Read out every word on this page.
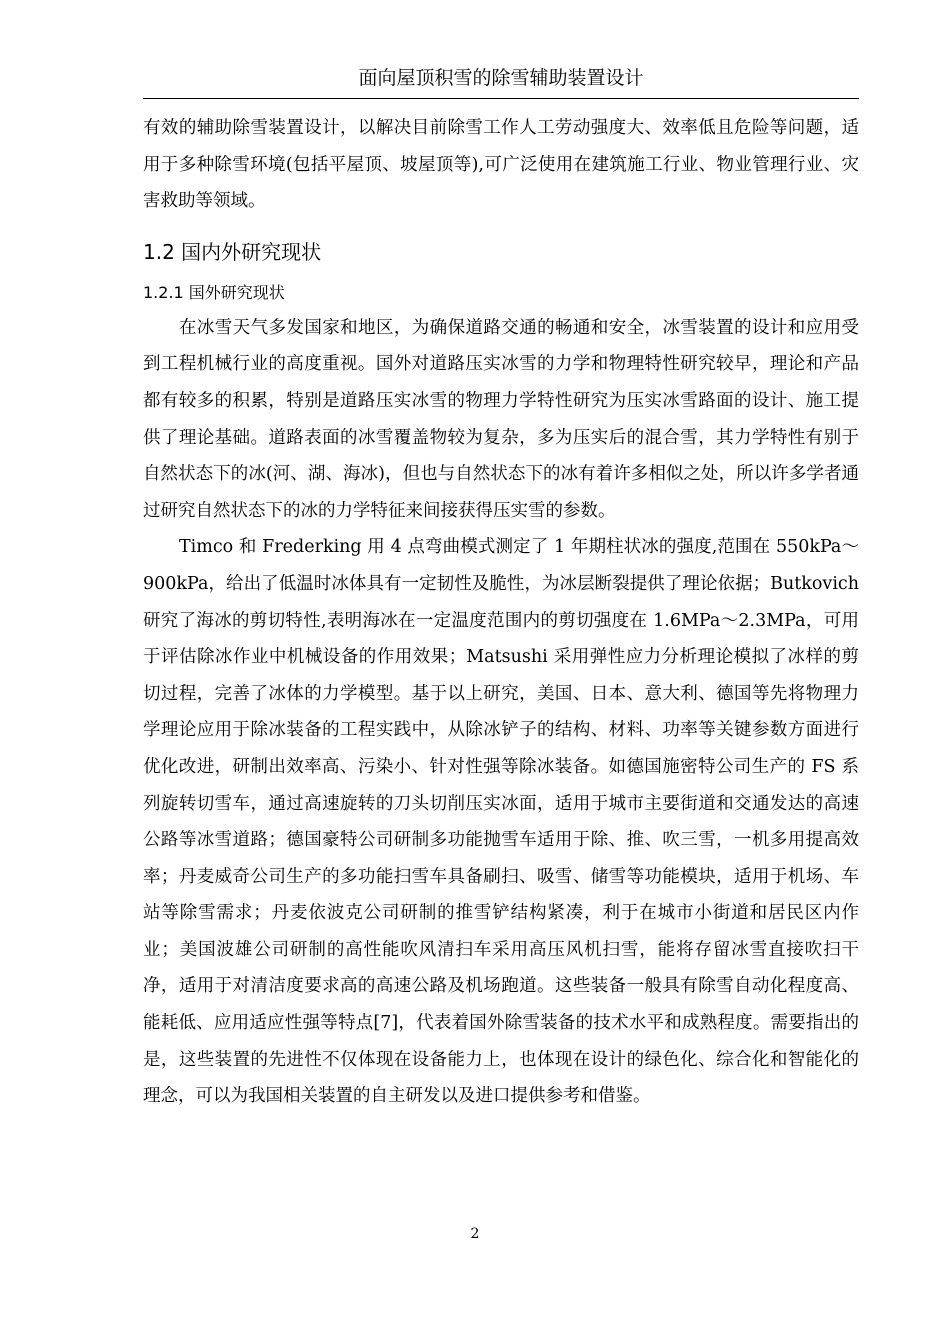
面向屋顶积雪的除雪辅助装置设计

有效的辅助除雪装置设计，以解决目前除雪工作人工劳动强度大、效率低且危险等问题，适用于多种除雪环境(包括平屋顶、坡屋顶等),可广泛使用在建筑施工行业、物业管理行业、灾害救助等领域。

1.2 国内外研究现状
1.2.1 国外研究现状

在冰雪天气多发国家和地区，为确保道路交通的畅通和安全，冰雪装置的设计和应用受到工程机械行业的高度重视。国外对道路压实冰雪的力学和物理特性研究较早，理论和产品都有较多的积累，特别是道路压实冰雪的物理力学特性研究为压实冰雪路面的设计、施工提供了理论基础。道路表面的冰雪覆盖物较为复杂，多为压实后的混合雪，其力学特性有别于自然状态下的冰(河、湖、海冰)，但也与自然状态下的冰有着许多相似之处，所以许多学者通过研究自然状态下的冰的力学特征来间接获得压实雪的参数。

Timco 和 Frederking 用 4 点弯曲模式测定了 1 年期柱状冰的强度,范围在 550kPa～900kPa，给出了低温时冰体具有一定韧性及脆性，为冰层断裂提供了理论依据；Butkovich 研究了海冰的剪切特性,表明海冰在一定温度范围内的剪切强度在 1.6MPa～2.3MPa，可用于评估除冰作业中机械设备的作用效果；Matsushi 采用弹性应力分析理论模拟了冰样的剪切过程，完善了冰体的力学模型。基于以上研究，美国、日本、意大利、德国等先将物理力学理论应用于除冰装备的工程实践中，从除冰铲子的结构、材料、功率等关键参数方面进行优化改进，研制出效率高、污染小、针对性强等除冰装备。如德国施密特公司生产的 FS 系列旋转切雪车，通过高速旋转的刀头切削压实冰面，适用于城市主要街道和交通发达的高速公路等冰雪道路；德国豪特公司研制多功能抛雪车适用于除、推、吹三雪，一机多用提高效率；丹麦威奇公司生产的多功能扫雪车具备刷扫、吸雪、储雪等功能模块，适用于机场、车站等除雪需求；丹麦依波克公司研制的推雪铲结构紧凑，利于在城市小街道和居民区内作业；美国波雄公司研制的高性能吹风清扫车采用高压风机扫雪，能将存留冰雪直接吹扫干净，适用于对清洁度要求高的高速公路及机场跑道。这些装备一般具有除雪自动化程度高、能耗低、应用适应性强等特点[7]，代表着国外除雪装备的技术水平和成熟程度。需要指出的是，这些装置的先进性不仅体现在设备能力上，也体现在设计的绿色化、综合化和智能化的理念，可以为我国相关装置的自主研发以及进口提供参考和借鉴。

2
